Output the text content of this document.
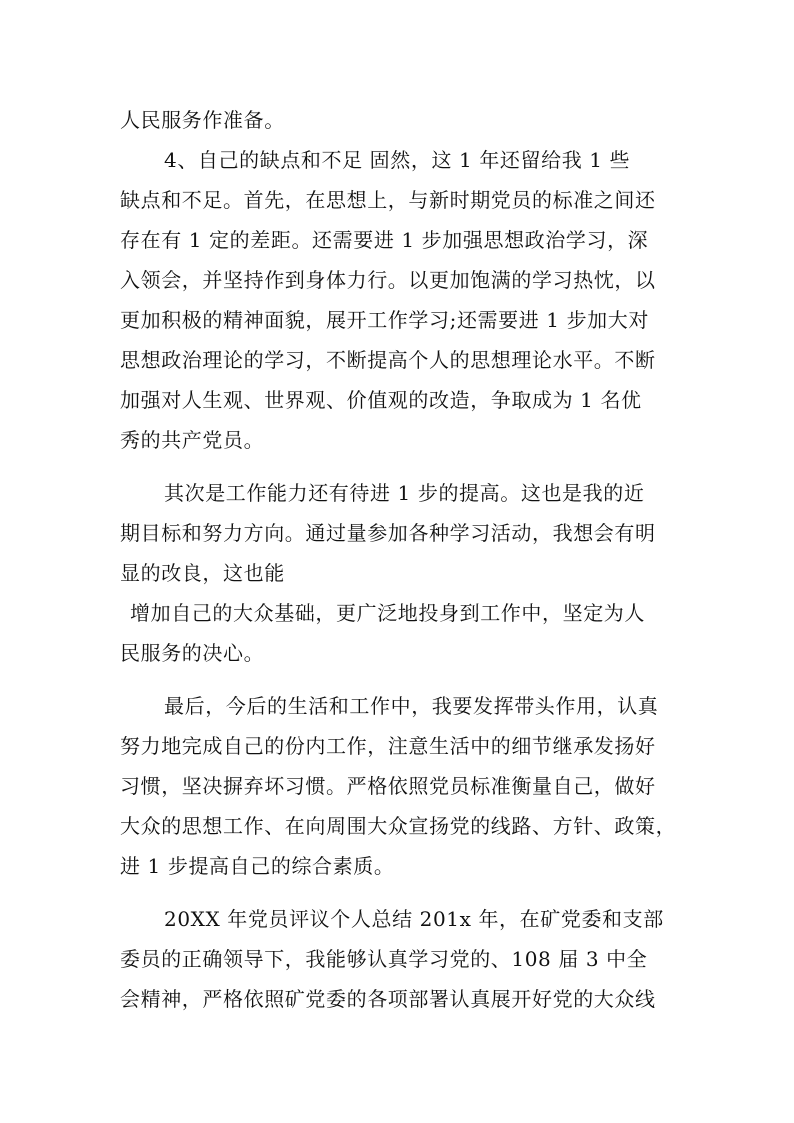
人民服务作准备。
4、自己的缺点和不足 固然，这 1 年还留给我 1 些
缺点和不足。首先，在思想上，与新时期党员的标准之间还
存在有 1 定的差距。还需要进 1 步加强思想政治学习，深
入领会，并坚持作到身体力行。以更加饱满的学习热忱，以
更加积极的精神面貌，展开工作学习;还需要进 1 步加大对
思想政治理论的学习，不断提高个人的思想理论水平。不断
加强对人生观、世界观、价值观的改造，争取成为 1 名优
秀的共产党员。
其次是工作能力还有待进 1 步的提高。这也是我的近
期目标和努力方向。通过量参加各种学习活动，我想会有明
显的改良，这也能
增加自己的大众基础，更广泛地投身到工作中，坚定为人
民服务的决心。
最后，今后的生活和工作中，我要发挥带头作用，认真
努力地完成自己的份内工作，注意生活中的细节继承发扬好
习惯，坚决摒弃坏习惯。严格依照党员标准衡量自己，做好
大众的思想工作、在向周围大众宣扬党的线路、方针、政策，
进 1 步提高自己的综合素质。
20XX 年党员评议个人总结 201x 年，在矿党委和支部
委员的正确领导下，我能够认真学习党的、108 届 3 中全
会精神，严格依照矿党委的各项部署认真展开好党的大众线
